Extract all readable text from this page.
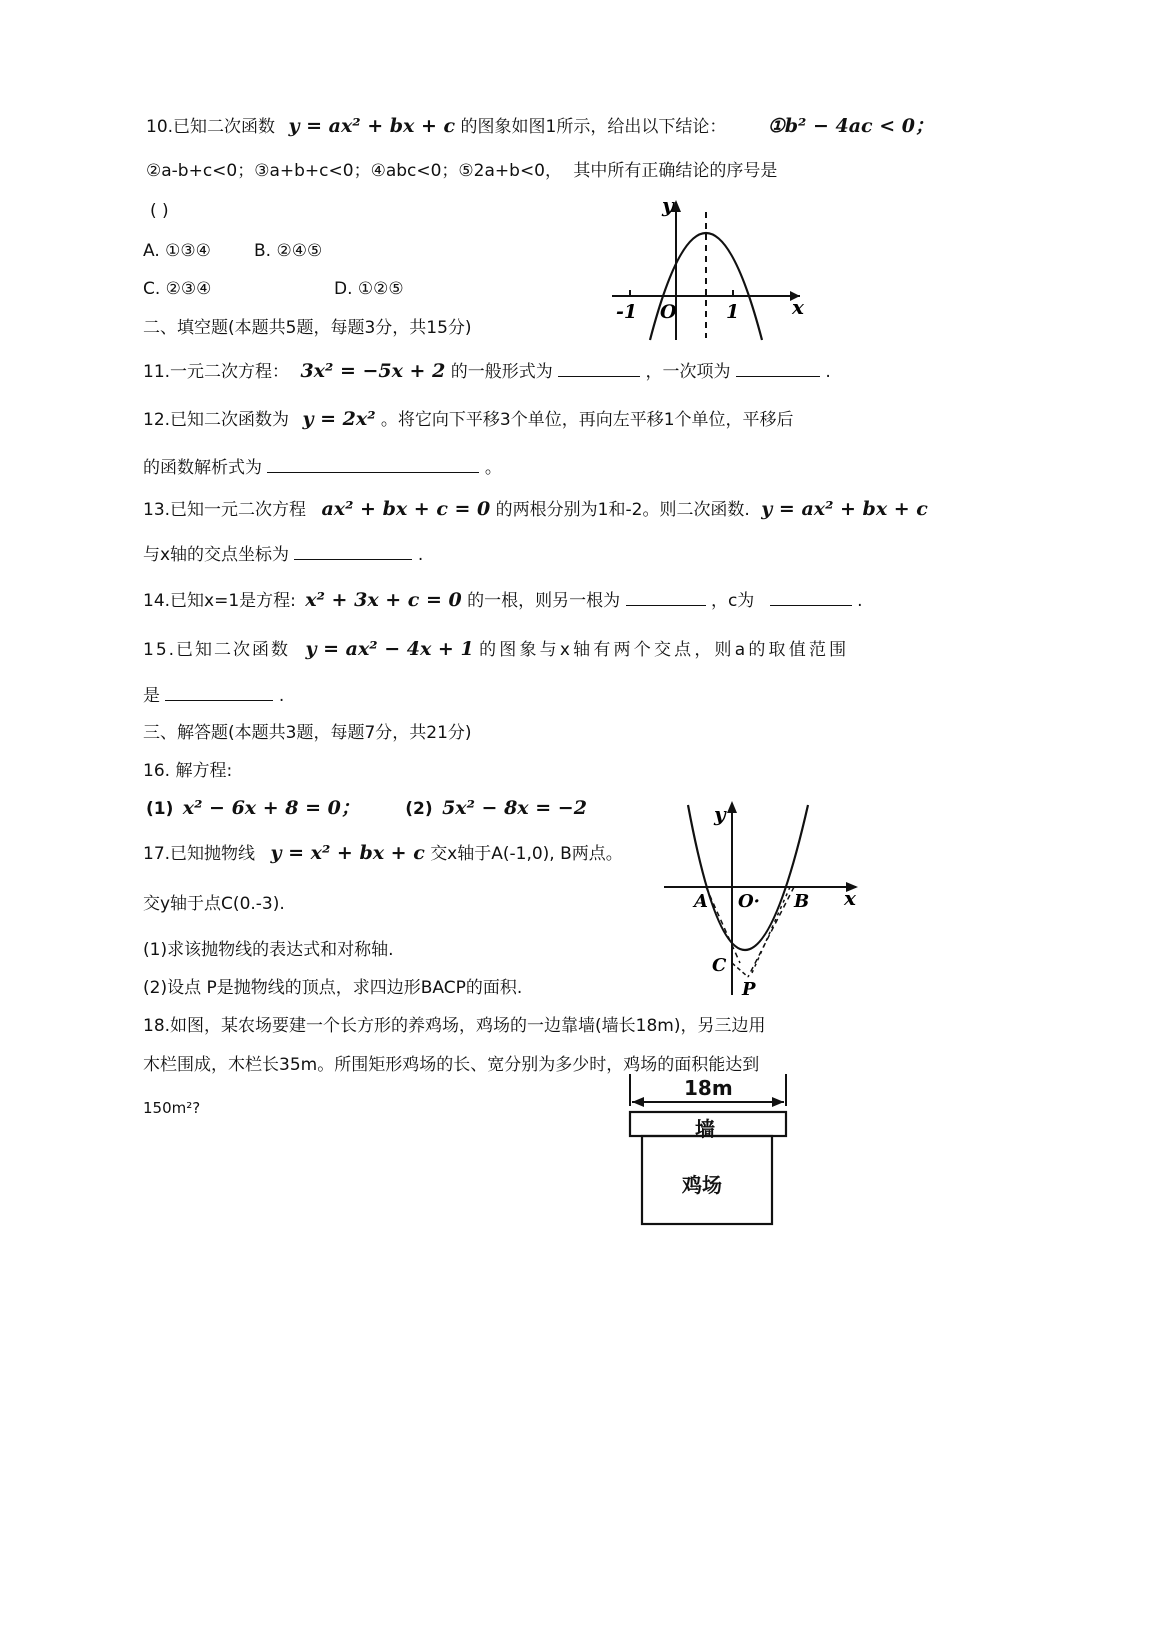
10.已知二次函数 y = ax² + bx + c 的图象如图1所示，给出以下结论： ①b² − 4ac < 0；
②a-b+c<0；③a+b+c<0；④abc<0；⑤2a+b<0， 其中所有正确结论的序号是
( )
A. ①③④	B. ②④⑤
C. ②③④	D. ①②⑤
y
x
-1 O	1
二、填空题(本题共5题，每题3分，共15分)
11.一元二次方程： 3x² = −5x + 2 的一般形式为	，一次项为	.
12.已知二次函数为 y = 2x² 。将它向下平移3个单位，再向左平移1个单位，平移后
的函数解析式为	。
13.已知一元二次方程 ax² + bx + c = 0 的两根分别为1和-2。则二次函数. y = ax² + bx + c
与x轴的交点坐标为	.
14.已知x=1是方程: x² + 3x + c = 0 的一根，则另一根为	，c为	.
15.已知二次函数 y = ax² − 4x + 1 的图象与x轴有两个交点，则a的取值范围
是	.
三、解答题(本题共3题，每题7分，共21分)
16. 解方程:
(1) x² − 6x + 8 = 0；	(2) 5x² − 8x = −2
17.已知抛物线 y = x² + bx + c 交x轴于A(-1,0), B两点。
交y轴于点C(0.-3).
(1)求该抛物线的表达式和对称轴.
(2)设点 P是抛物线的顶点，求四边形BACP的面积.
y
x
A O· B
C
P
18.如图，某农场要建一个长方形的养鸡场，鸡场的一边靠墙(墙长18m)，另三边用
木栏围成，木栏长35m。所围矩形鸡场的长、宽分别为多少时，鸡场的面积能达到
150m²?
18m
墙
鸡场
